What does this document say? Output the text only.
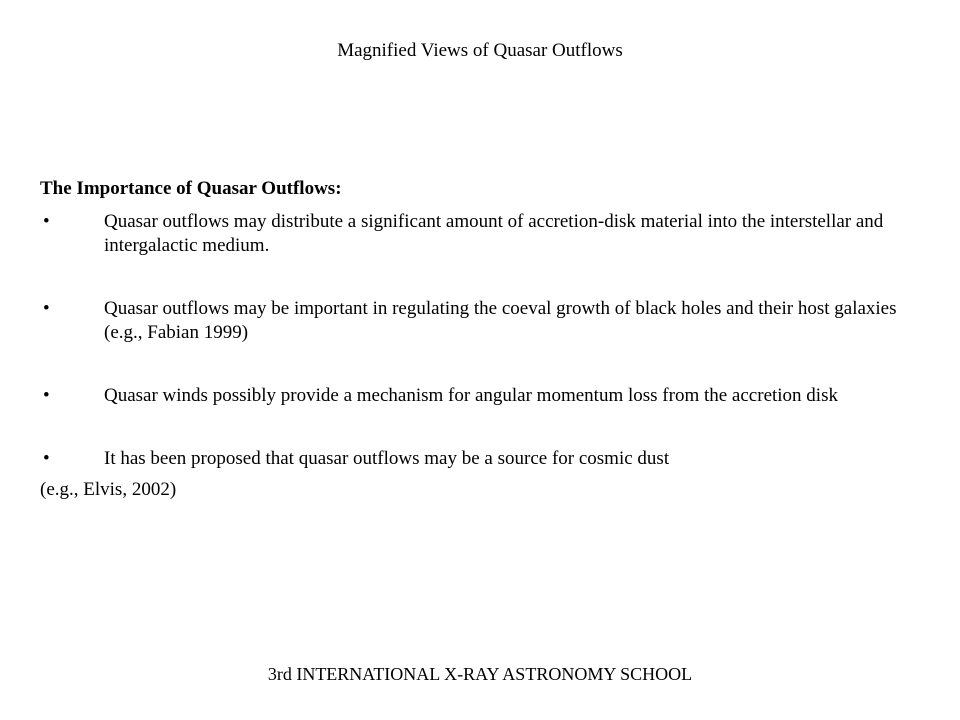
Magnified Views of Quasar Outflows
The Importance of Quasar Outflows:
•	Quasar outflows may distribute a significant amount of accretion-disk material into the interstellar and intergalactic medium.
•	Quasar outflows may be important in regulating the coeval growth of black holes and their host galaxies (e.g., Fabian 1999)
•	Quasar winds possibly provide a mechanism for angular momentum loss from the accretion disk
•	It has been proposed that quasar outflows may be a source for cosmic dust

(e.g., Elvis, 2002)

3rd INTERNATIONAL X-RAY ASTRONOMY SCHOOL
